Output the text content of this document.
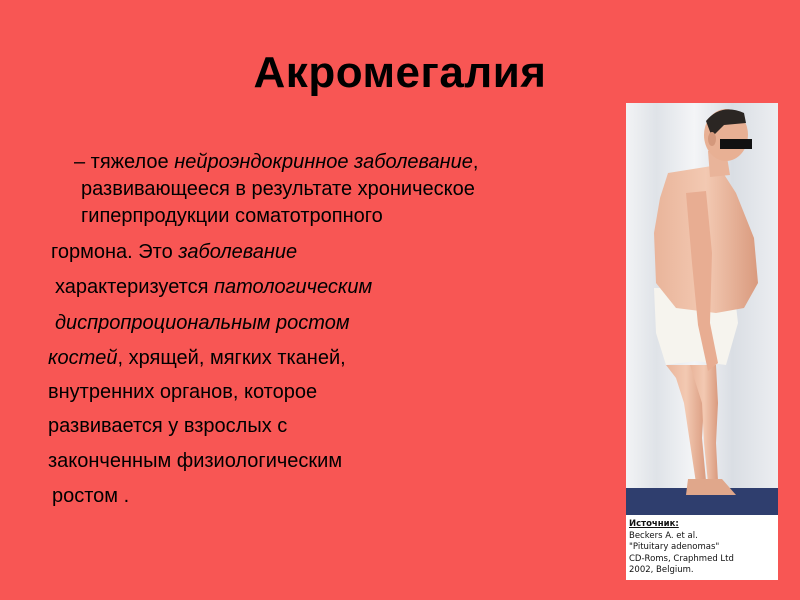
Акромегалия
– тяжелое нейроэндокринное заболевание,
развивающееся в результате хроническое
гиперпродукции соматотропного
гормона. Это заболевание
характеризуется патологическим
диспропроциональным ростом
костей, хрящей, мягких тканей,
внутренних органов, которое
развивается у взрослых с
законченным физиологическим
ростом .
Источник:
Beckers A. et al.
"Pituitary adenomas"
CD-Roms, Craphmed Ltd
2002, Belgium.
